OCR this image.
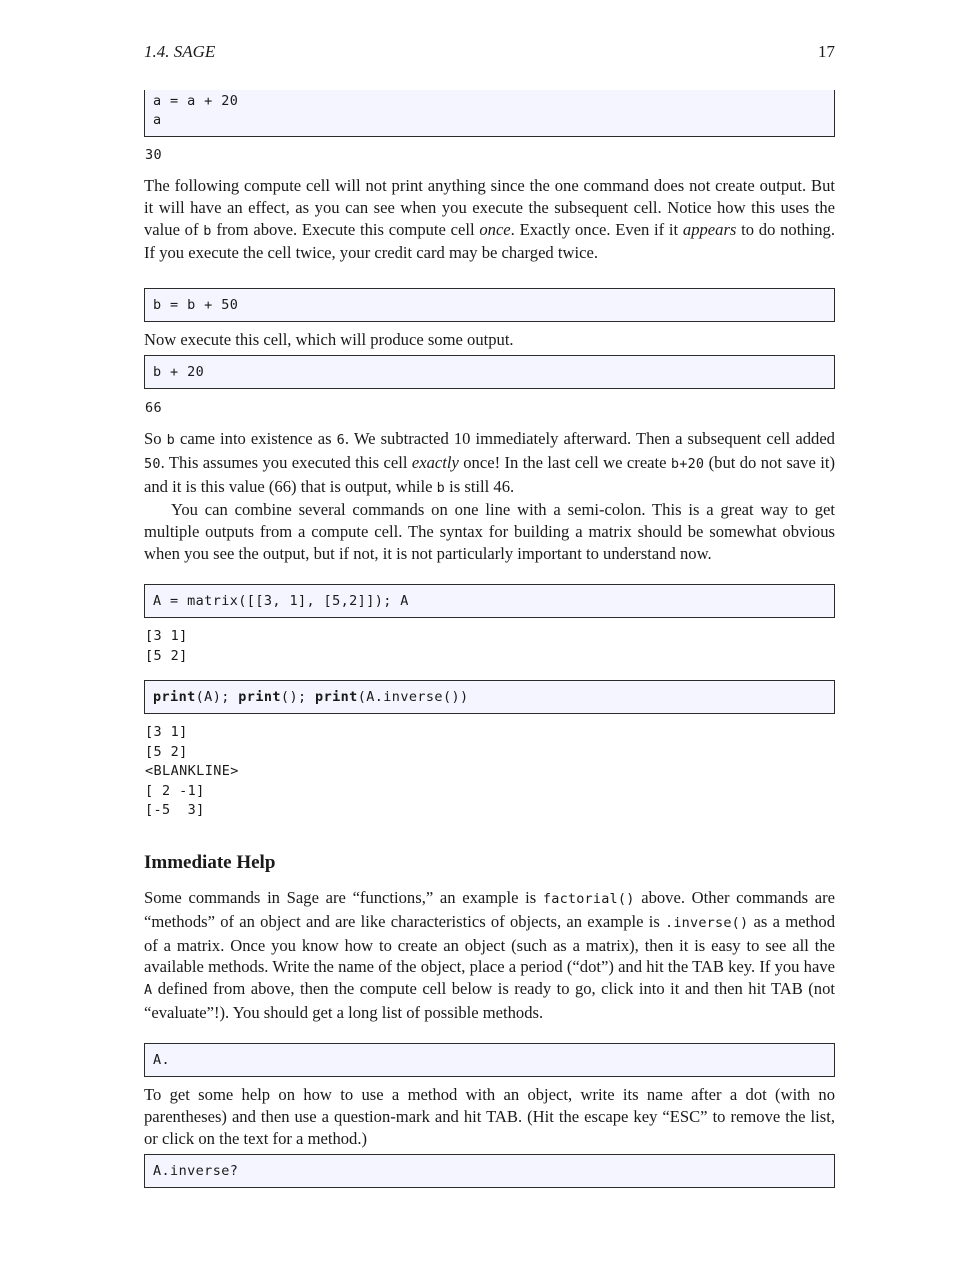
1.4. SAGE	17
a = a + 20
a
30
The following compute cell will not print anything since the one command does not create output. But it will have an effect, as you can see when you execute the subsequent cell. Notice how this uses the value of b from above. Execute this compute cell once. Exactly once. Even if it appears to do nothing. If you execute the cell twice, your credit card may be charged twice.
b = b + 50
Now execute this cell, which will produce some output.
b + 20
66
So b came into existence as 6. We subtracted 10 immediately afterward. Then a subsequent cell added 50. This assumes you executed this cell exactly once! In the last cell we create b+20 (but do not save it) and it is this value (66) that is output, while b is still 46.
You can combine several commands on one line with a semi-colon. This is a great way to get multiple outputs from a compute cell. The syntax for building a matrix should be somewhat obvious when you see the output, but if not, it is not particularly important to understand now.
A = matrix([[3, 1], [5,2]]); A
[3 1]
[5 2]
print(A); print(); print(A.inverse())
[3 1]
[5 2]
<BLANKLINE>
[ 2 -1]
[-5  3]
Immediate Help
Some commands in Sage are “functions,” an example is factorial() above. Other commands are “methods” of an object and are like characteristics of objects, an example is .inverse() as a method of a matrix. Once you know how to create an object (such as a matrix), then it is easy to see all the available methods. Write the name of the object, place a period (“dot”) and hit the TAB key. If you have A defined from above, then the compute cell below is ready to go, click into it and then hit TAB (not “evaluate”!). You should get a long list of possible methods.
A.
To get some help on how to use a method with an object, write its name after a dot (with no parentheses) and then use a question-mark and hit TAB. (Hit the escape key “ESC” to remove the list, or click on the text for a method.)
A.inverse?
